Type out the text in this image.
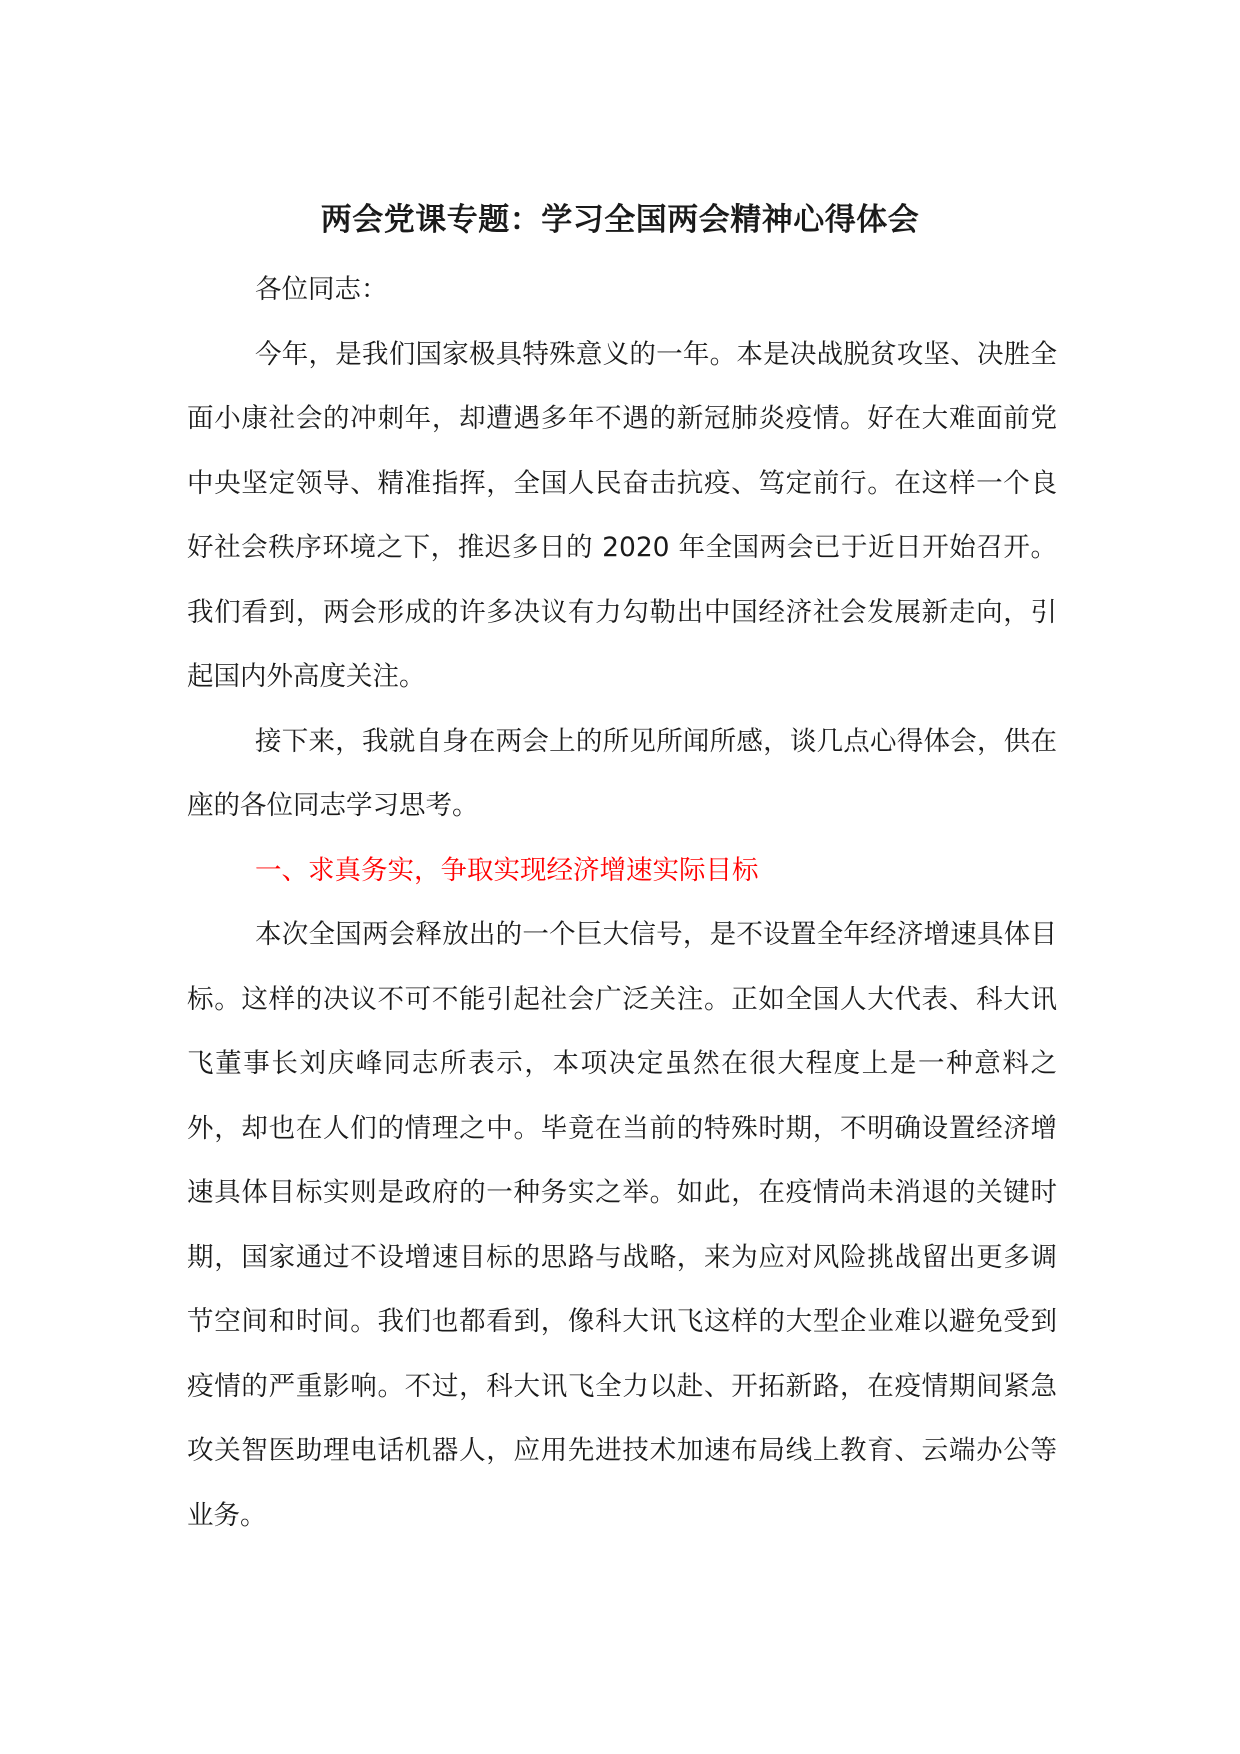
两会党课专题：学习全国两会精神心得体会

各位同志：

今年，是我们国家极具特殊意义的一年。本是决战脱贫攻坚、决胜全面小康社会的冲刺年，却遭遇多年不遇的新冠肺炎疫情。好在大难面前党中央坚定领导、精准指挥，全国人民奋击抗疫、笃定前行。在这样一个良好社会秩序环境之下，推迟多日的 2020 年全国两会已于近日开始召开。我们看到，两会形成的许多决议有力勾勒出中国经济社会发展新走向，引起国内外高度关注。

接下来，我就自身在两会上的所见所闻所感，谈几点心得体会，供在座的各位同志学习思考。

一、求真务实，争取实现经济增速实际目标

本次全国两会释放出的一个巨大信号，是不设置全年经济增速具体目标。这样的决议不可不能引起社会广泛关注。正如全国人大代表、科大讯飞董事长刘庆峰同志所表示，本项决定虽然在很大程度上是一种意料之外，却也在人们的情理之中。毕竟在当前的特殊时期，不明确设置经济增速具体目标实则是政府的一种务实之举。如此，在疫情尚未消退的关键时期，国家通过不设增速目标的思路与战略，来为应对风险挑战留出更多调节空间和时间。我们也都看到，像科大讯飞这样的大型企业难以避免受到疫情的严重影响。不过，科大讯飞全力以赴、开拓新路，在疫情期间紧急攻关智医助理电话机器人，应用先进技术加速布局线上教育、云端办公等业务。
